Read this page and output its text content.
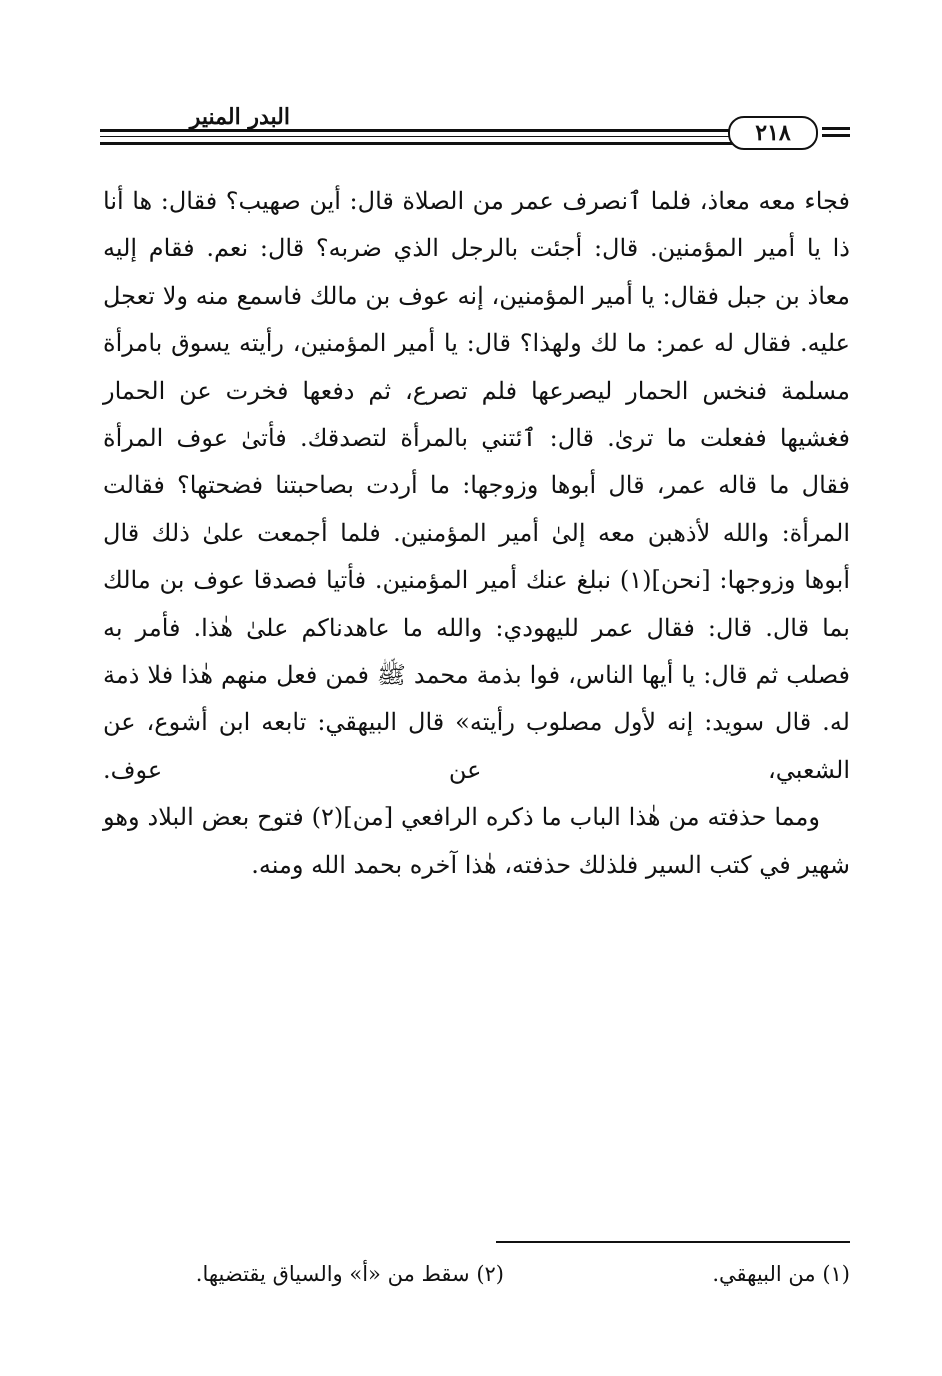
البدر المنير
٢١٨

فجاء معه معاذ، فلما ٱنصرف عمر من الصلاة قال: أين صهيب؟ فقال: ها أنا ذا يا أمير المؤمنين. قال: أجئت بالرجل الذي ضربه؟ قال: نعم. فقام إليه معاذ بن جبل فقال: يا أمير المؤمنين، إنه عوف بن مالك فاسمع منه ولا تعجل عليه. فقال له عمر: ما لك ولهذا؟ قال: يا أمير المؤمنين، رأيته يسوق بامرأة مسلمة فنخس الحمار ليصرعها فلم تصرع، ثم دفعها فخرت عن الحمار فغشيها ففعلت ما ترىٰ. قال: ٱئتني بالمرأة لتصدقك. فأتىٰ عوف المرأة فقال ما قاله عمر، قال أبوها وزوجها: ما أردت بصاحبتنا فضحتها؟ فقالت المرأة: والله لأذهبن معه إلىٰ أمير المؤمنين. فلما أجمعت علىٰ ذلك قال أبوها وزوجها: [نحن](١) نبلغ عنك أمير المؤمنين. فأتيا فصدقا عوف بن مالك بما قال. قال: فقال عمر لليهودي: والله ما عاهدناكم علىٰ هٰذا. فأمر به فصلب ثم قال: يا أيها الناس، فوا بذمة محمد ﷺ فمن فعل منهم هٰذا فلا ذمة له. قال سويد: إنه لأول مصلوب رأيته» قال البيهقي: تابعه ابن أشوع، عن الشعبي، عن عوف.

ومما حذفته من هٰذا الباب ما ذكره الرافعي [من](٢) فتوح بعض البلاد وهو شهير في كتب السير فلذلك حذفته، هٰذا آخره بحمد الله ومنه.

(١) من البيهقي.
(٢) سقط من «أ» والسياق يقتضيها.
